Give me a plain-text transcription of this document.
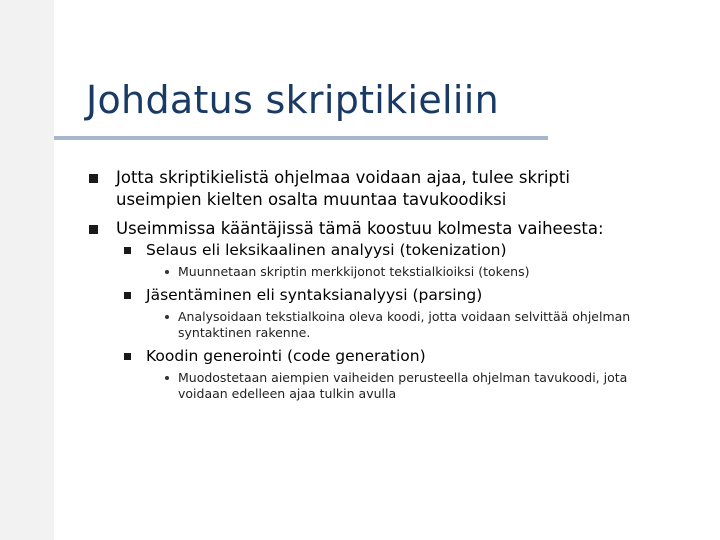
Johdatus skriptikieliin
Jotta skriptikielistä ohjelmaa voidaan ajaa, tulee skripti
useimpien kielten osalta muuntaa tavukoodiksi
Useimmissa kääntäjissä tämä koostuu kolmesta vaiheesta:
Selaus eli leksikaalinen analyysi (tokenization)
Muunnetaan skriptin merkkijonot tekstialkioiksi (tokens)
Jäsentäminen eli syntaksianalyysi (parsing)
Analysoidaan tekstialkoina oleva koodi, jotta voidaan selvittää ohjelman
syntaktinen rakenne.
Koodin generointi (code generation)
Muodostetaan aiempien vaiheiden perusteella ohjelman tavukoodi, jota
voidaan edelleen ajaa tulkin avulla
